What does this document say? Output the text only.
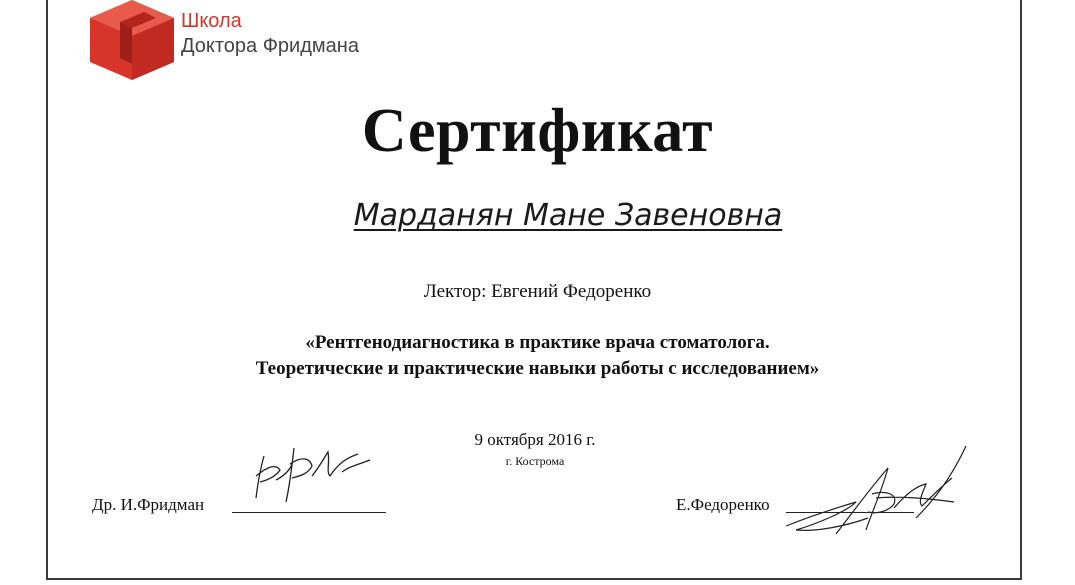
Школа
Доктора Фридмана
Сертификат
Марданян Мане Завеновна
Лектор: Евгений Федоренко
«Рентгенодиагностика в практике врача стоматолога.
Теоретические и практические навыки работы с исследованием»
9 октября 2016 г.
г. Кострома
Др. И.Фридман	Е.Федоренко
